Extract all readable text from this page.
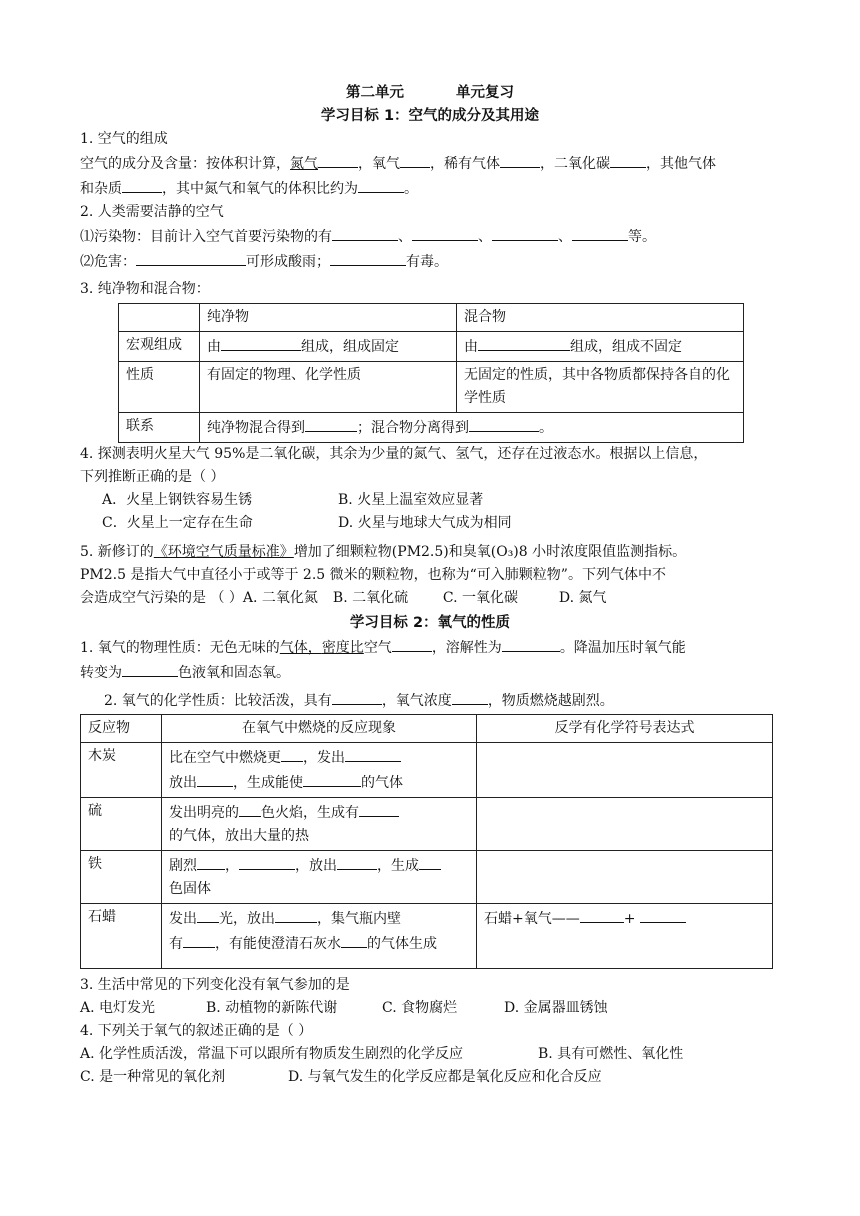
第二单元	单元复习

学习目标 1：空气的成分及其用途

1. 空气的组成

空气的成分及含量：按体积计算，氮气	，氧气 ，稀有气体	，二氧化碳	，其他气体

和杂质	，其中氮气和氧气的体积比约为	。

2. 人类需要洁静的空气

⑴污染物：目前计入空气首要污染物的有	、	、	、	等。

⑵危害：	可形成酸雨；	有毒。

3. 纯净物和混合物：

	纯净物	混合物
宏观组成	由 组成，组成固定	由 组成，组成不固定
性质	有固定的物理、化学性质	无固定的性质，其中各物质都保持各自的化学性质
联系	纯净物混合得到 ；混合物分离得到 。	

4. 探测表明火星大气 95%是二氧化碳，其余为少量的氮气、氢气，还存在过液态水。根据以上信息，

下列推断正确的是（ ）

A．火星上钢铁容易生锈	B. 火星上温室效应显著

C．火星上一定存在生命	D. 火星与地球大气成为相同

5. 新修订的《环境空气质量标准》增加了细颗粒物(PM2.5)和臭氧(O₃)8 小时浓度限值监测指标。

PM2.5 是指大气中直径小于或等于 2.5 微米的颗粒物，也称为“可入肺颗粒物”。下列气体中不

会造成空气污染的是 （ ）A. 二氧化氮 B. 二氧化硫 C. 一氧化碳	D. 氮气

学习目标 2：氧气的性质

1. 氧气的物理性质：无色无味的气体，密度比空气	，溶解性为	。降温加压时氧气能

转变为	色液氧和固态氧。

2. 氧气的化学性质：比较活泼，具有	，氧气浓度	，物质燃烧越剧烈。

反应物	在氧气中燃烧的反应现象	反学有化学符号表达式
木炭	比在空气中燃烧更 ，发出
放出 ，生成能使 的气体	

硫	发出明亮的 色火焰，生成有
的气体，放出大量的热	

铁	剧烈 ， ，放出 ，生成
色固体	

石蜡	发出 光，放出 ，集气瓶内壁
有 ，有能使澄清石灰水 的气体生成	石蜡+氧气—— +

3. 生活中常见的下列变化没有氧气参加的是

A. 电灯发光	B. 动植物的新陈代谢	C. 食物腐烂	D. 金属器皿锈蚀

4. 下列关于氧气的叙述正确的是（ ）

A. 化学性质活泼，常温下可以跟所有物质发生剧烈的化学反应	B. 具有可燃性、氧化性

C. 是一种常见的氧化剂	D. 与氧气发生的化学反应都是氧化反应和化合反应
